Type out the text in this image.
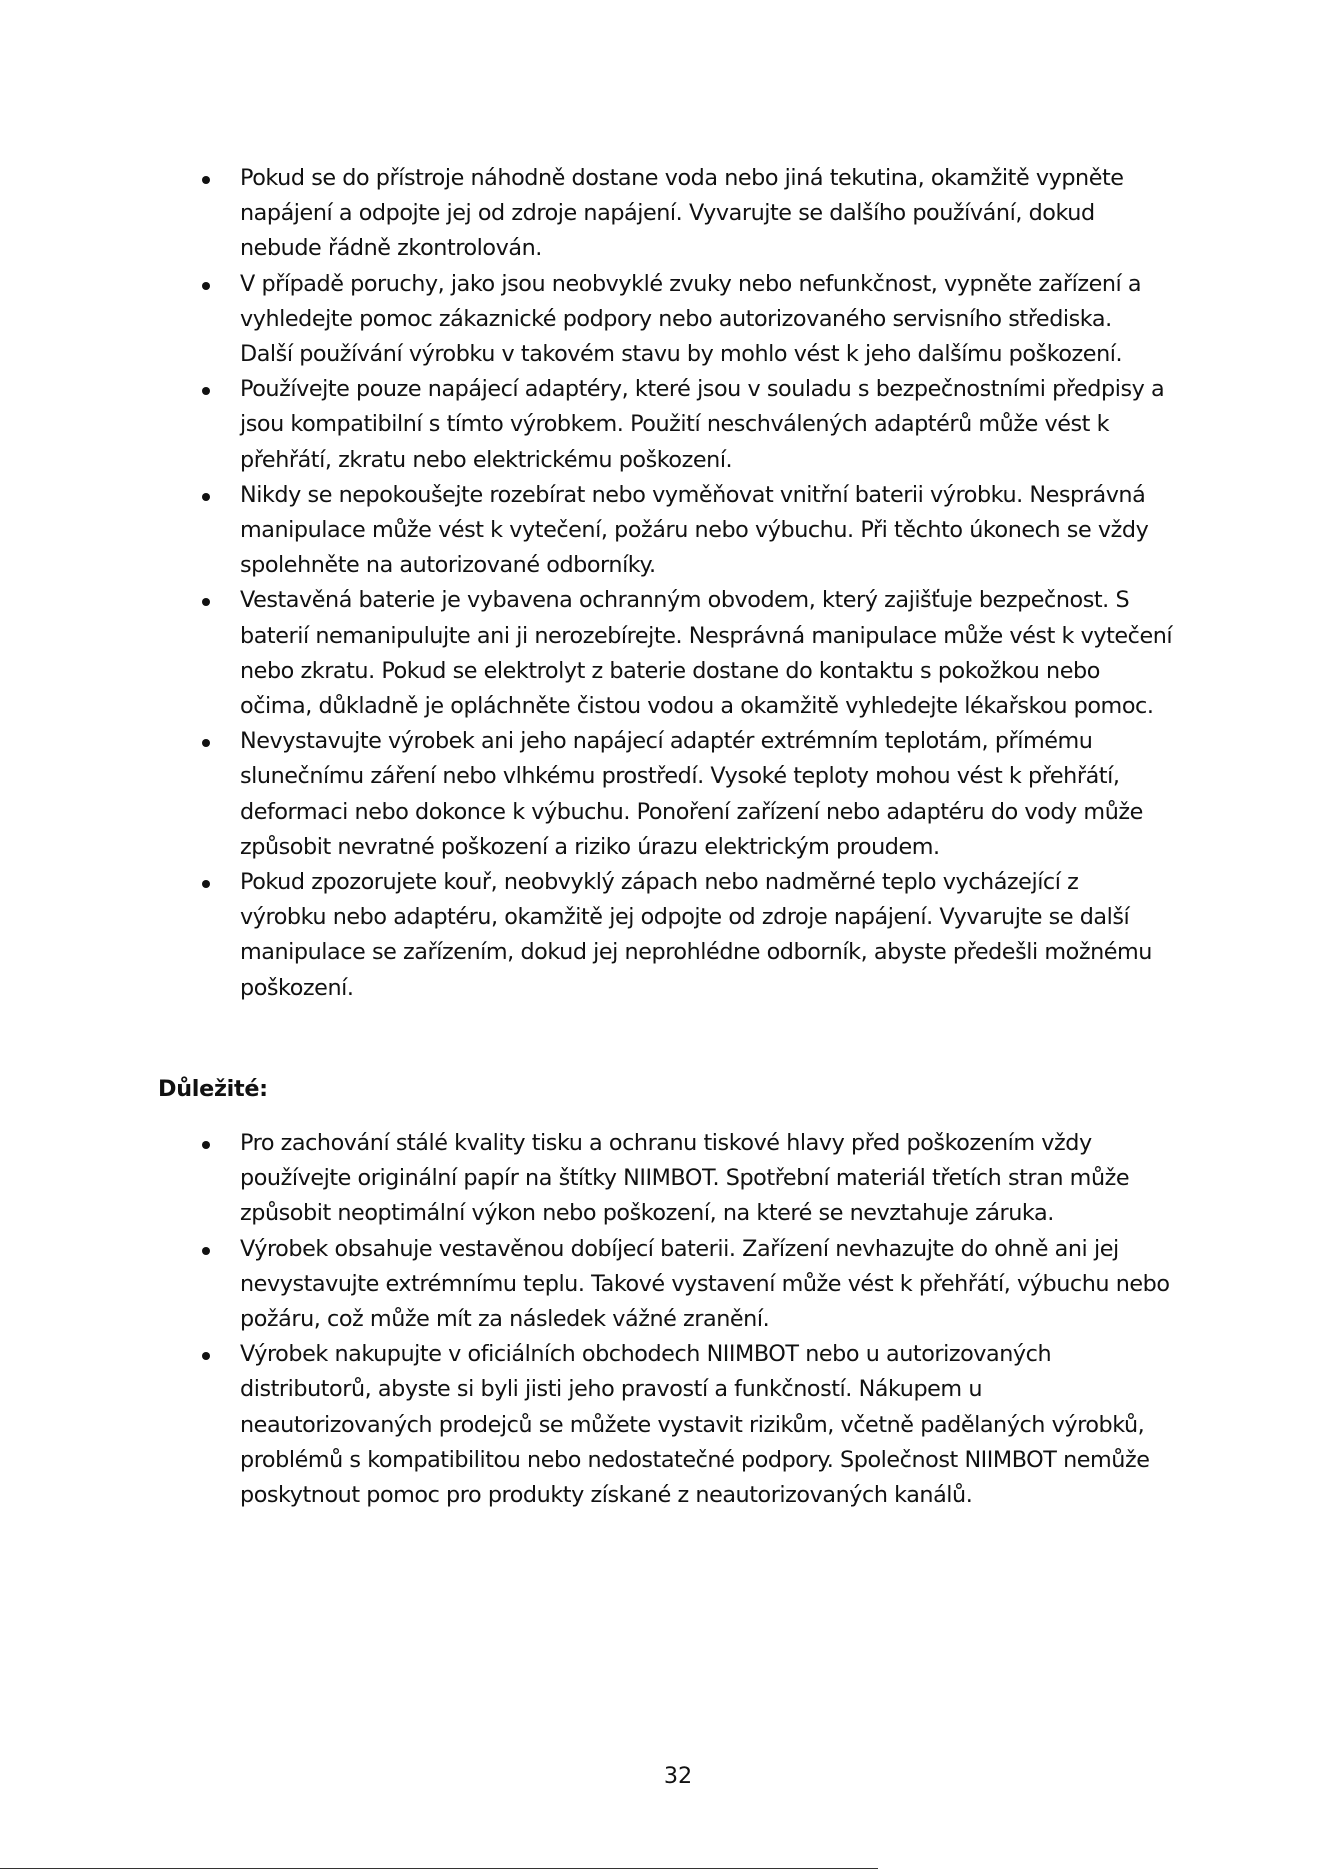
Pokud se do přístroje náhodně dostane voda nebo jiná tekutina, okamžitě vypněte
napájení a odpojte jej od zdroje napájení. Vyvarujte se dalšího používání, dokud
nebude řádně zkontrolován.
V případě poruchy, jako jsou neobvyklé zvuky nebo nefunkčnost, vypněte zařízení a
vyhledejte pomoc zákaznické podpory nebo autorizovaného servisního střediska.
Další používání výrobku v takovém stavu by mohlo vést k jeho dalšímu poškození.
Používejte pouze napájecí adaptéry, které jsou v souladu s bezpečnostními předpisy a
jsou kompatibilní s tímto výrobkem. Použití neschválených adaptérů může vést k
přehřátí, zkratu nebo elektrickému poškození.
Nikdy se nepokoušejte rozebírat nebo vyměňovat vnitřní baterii výrobku. Nesprávná
manipulace může vést k vytečení, požáru nebo výbuchu. Při těchto úkonech se vždy
spolehněte na autorizované odborníky.
Vestavěná baterie je vybavena ochranným obvodem, který zajišťuje bezpečnost. S
baterií nemanipulujte ani ji nerozebírejte. Nesprávná manipulace může vést k vytečení
nebo zkratu. Pokud se elektrolyt z baterie dostane do kontaktu s pokožkou nebo
očima, důkladně je opláchněte čistou vodou a okamžitě vyhledejte lékařskou pomoc.
Nevystavujte výrobek ani jeho napájecí adaptér extrémním teplotám, přímému
slunečnímu záření nebo vlhkému prostředí. Vysoké teploty mohou vést k přehřátí,
deformaci nebo dokonce k výbuchu. Ponoření zařízení nebo adaptéru do vody může
způsobit nevratné poškození a riziko úrazu elektrickým proudem.
Pokud zpozorujete kouř, neobvyklý zápach nebo nadměrné teplo vycházející z
výrobku nebo adaptéru, okamžitě jej odpojte od zdroje napájení. Vyvarujte se další
manipulace se zařízením, dokud jej neprohlédne odborník, abyste předešli možnému
poškození.
Důležité:
Pro zachování stálé kvality tisku a ochranu tiskové hlavy před poškozením vždy
používejte originální papír na štítky NIIMBOT. Spotřební materiál třetích stran může
způsobit neoptimální výkon nebo poškození, na které se nevztahuje záruka.
Výrobek obsahuje vestavěnou dobíjecí baterii. Zařízení nevhazujte do ohně ani jej
nevystavujte extrémnímu teplu. Takové vystavení může vést k přehřátí, výbuchu nebo
požáru, což může mít za následek vážné zranění.
Výrobek nakupujte v oficiálních obchodech NIIMBOT nebo u autorizovaných
distributorů, abyste si byli jisti jeho pravostí a funkčností. Nákupem u
neautorizovaných prodejců se můžete vystavit rizikům, včetně padělaných výrobků,
problémů s kompatibilitou nebo nedostatečné podpory. Společnost NIIMBOT nemůže
poskytnout pomoc pro produkty získané z neautorizovaných kanálů.
32
